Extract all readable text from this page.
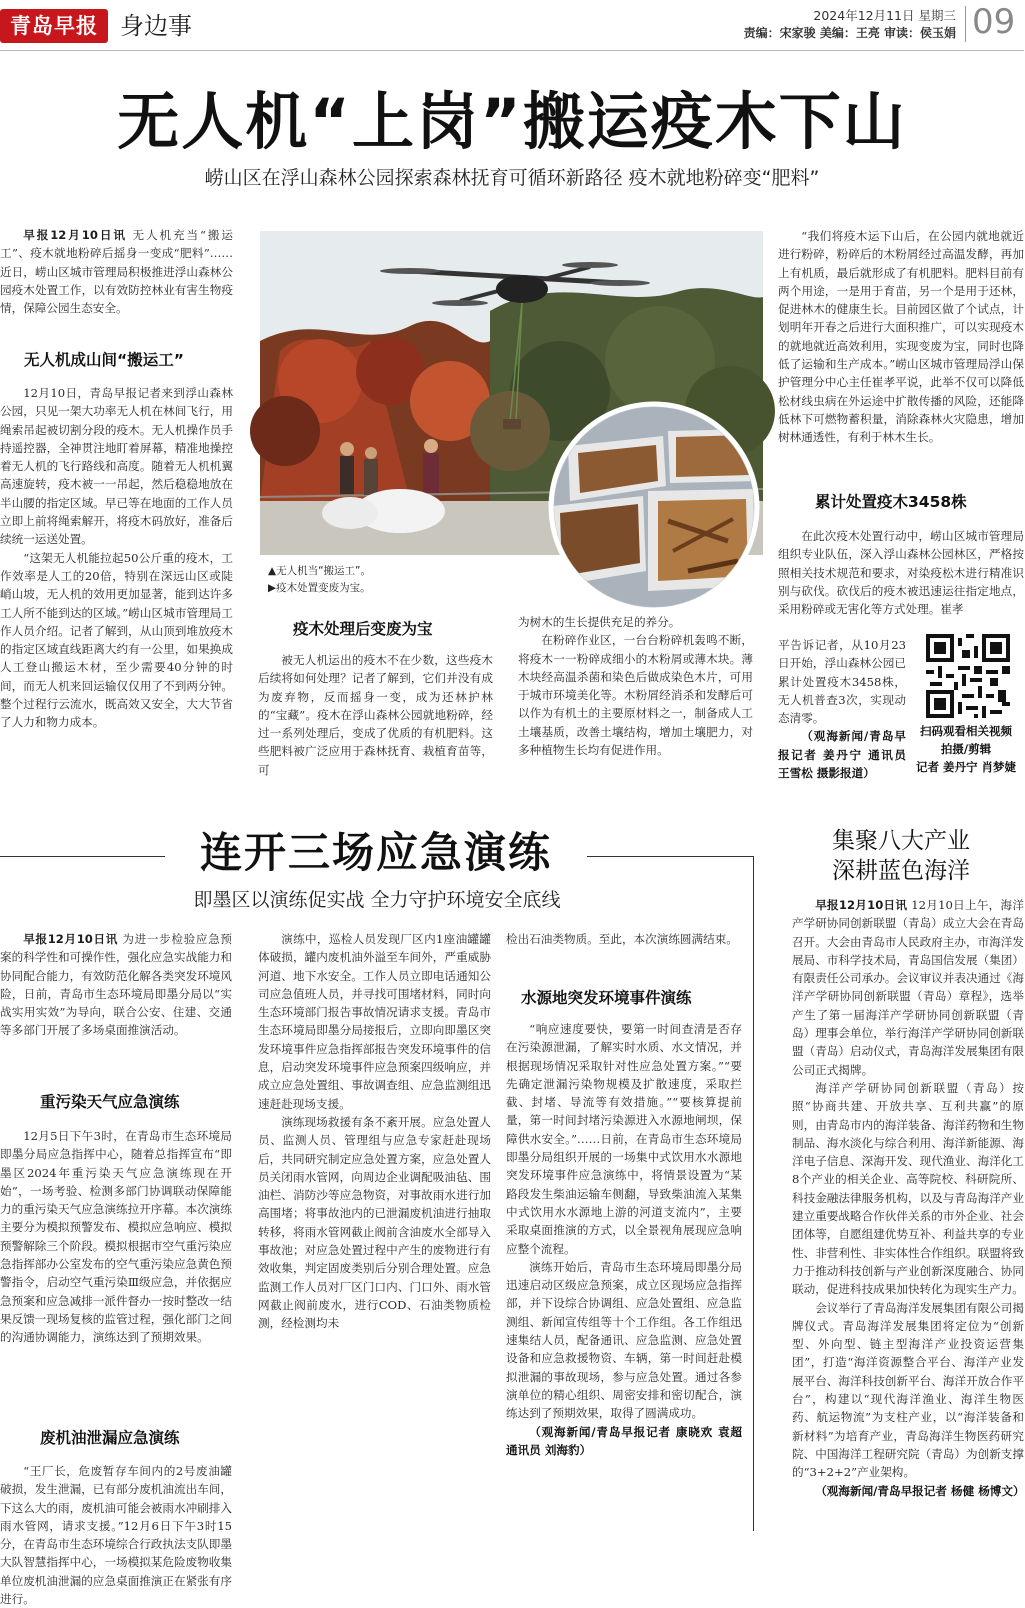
青岛早报 身边事	2024年12月11日 星期三
责编：宋家骏 美编：王亮 审读：侯玉娟 09
无人机“上岗”搬运疫木下山
崂山区在浮山森林公园探索森林抚育可循环新路径 疫木就地粉碎变“肥料”

早报12月10日讯 无人机充当“搬运工”、疫木就地粉碎后摇身一变成“肥料”……近日，崂山区城市管理局积极推进浮山森林公园疫木处置工作，以有效防控林业有害生物疫情，保障公园生态安全。

无人机成山间“搬运工”

12月10日，青岛早报记者来到浮山森林公园，只见一架大功率无人机在林间飞行，用绳索吊起被切割分段的疫木。无人机操作员手持遥控器，全神贯注地盯着屏幕，精准地操控着无人机的飞行路线和高度。随着无人机机翼高速旋转，疫木被一一吊起，然后稳稳地放在半山腰的指定区域。早已等在地面的工作人员立即上前将绳索解开，将疫木码放好，准备后续统一运送处置。

“这架无人机能拉起50公斤重的疫木，工作效率是人工的20倍，特别在深远山区或陡峭山坡，无人机的效用更加显著，能到达许多工人所不能到达的区域。”崂山区城市管理局工作人员介绍。记者了解到，从山顶到堆放疫木的指定区域直线距离大约有一公里，如果换成人工登山搬运木材，至少需要40分钟的时间，而无人机来回运输仅仅用了不到两分钟。整个过程行云流水，既高效又安全，大大节省了人力和物力成本。

▲无人机当“搬运工”。
▶疫木处置变废为宝。
疫木处理后变废为宝

被无人机运出的疫木不在少数，这些疫木后续将如何处理？记者了解到，它们并没有成为废弃物，反而摇身一变，成为还林护林的“宝藏”。疫木在浮山森林公园就地粉碎，经过一系列处理后，变成了优质的有机肥料。这些肥料被广泛应用于森林抚育、栽植育苗等，可

为树木的生长提供充足的养分。

在粉碎作业区，一台台粉碎机轰鸣不断，将疫木一一粉碎成细小的木粉屑或薄木块。薄木块经高温杀菌和染色后做成染色木片，可用于城市环境美化等。木粉屑经消杀和发酵后可以作为有机土的主要原材料之一，制备成人工土壤基质，改善土壤结构，增加土壤肥力，对多种植物生长均有促进作用。

“我们将疫木运下山后，在公园内就地就近进行粉碎，粉碎后的木粉屑经过高温发酵，再加上有机质，最后就形成了有机肥料。肥料目前有两个用途，一是用于育苗，另一个是用于还林，促进林木的健康生长。目前园区做了个试点，计划明年开春之后进行大面积推广，可以实现疫木的就地就近高效利用，实现变废为宝，同时也降低了运输和生产成本。”崂山区城市管理局浮山保护管理分中心主任崔孝平说，此举不仅可以降低松材线虫病在外运途中扩散传播的风险，还能降低林下可燃物蓄积量，消除森林火灾隐患，增加树林通透性，有利于林木生长。

累计处置疫木3458株

在此次疫木处置行动中，崂山区城市管理局组织专业队伍，深入浮山森林公园林区，严格按照相关技术规范和要求，对染疫松木进行精准识别与砍伐。砍伐后的疫木被迅速运往指定地点，采用粉碎或无害化等方式处理。崔孝

平告诉记者，从10月23日开始，浮山森林公园已累计处置疫木3458株，无人机普查3次，实现动态清零。

（观海新闻/青岛早报记者 姜丹宁 通讯员 王雪松 摄影报道）

扫码观看相关视频
拍摄/剪辑
记者 姜丹宁 肖梦婕
连开三场应急演练
即墨区以演练促实战 全力守护环境安全底线

早报12月10日讯 为进一步检验应急预案的科学性和可操作性，强化应急实战能力和协同配合能力，有效防范化解各类突发环境风险，日前，青岛市生态环境局即墨分局以“实战实用实效”为导向，联合公安、住建、交通等多部门开展了多场桌面推演活动。

重污染天气应急演练

12月5日下午3时，在青岛市生态环境局即墨分局应急指挥中心，随着总指挥宣布“即墨区2024年重污染天气应急演练现在开始”，一场考验、检测多部门协调联动保障能力的重污染天气应急演练拉开序幕。本次演练主要分为模拟预警发布、模拟应急响应、模拟预警解除三个阶段。模拟根据市空气重污染应急指挥部办公室发布的空气重污染应急黄色预警指令，启动空气重污染Ⅲ级应急，并依据应急预案和应急减排一派件督办一按时整改一结果反馈一现场复核的监管过程，强化部门之间的沟通协调能力，演练达到了预期效果。

废机油泄漏应急演练

“王厂长，危废暂存车间内的2号废油罐破损，发生泄漏，已有部分废机油流出车间，下这么大的雨，废机油可能会被雨水冲刷排入雨水管网，请求支援。”12月6日下午3时15分，在青岛市生态环境综合行政执法支队即墨大队智慧指挥中心，一场模拟某危险废物收集单位废机油泄漏的应急桌面推演正在紧张有序进行。

演练中，巡检人员发现厂区内1座油罐罐体破损，罐内废机油外溢至车间外，严重威胁河道、地下水安全。工作人员立即电话通知公司应急值班人员，并寻找可围堵材料，同时向生态环境部门报告事故情况请求支援。青岛市生态环境局即墨分局接报后，立即向即墨区突发环境事件应急指挥部报告突发环境事件的信息，启动突发环境事件应急预案四级响应，并成立应急处置组、事故调查组、应急监测组迅速赶赴现场支援。

演练现场救援有条不紊开展。应急处置人员、监测人员、管理组与应急专家赶赴现场后，共同研究制定应急处置方案，应急处置人员关闭雨水管网，向周边企业调配吸油毡、围油栏、消防沙等应急物资，对事故雨水进行加高围堵；将事故池内的已泄漏废机油进行抽取转移，将雨水管网截止阀前含油废水全部导入事故池；对应急处置过程中产生的废物进行有效收集，判定固废类别后分别合理处置。应急监测工作人员对厂区门口内、门口外、雨水管网截止阀前废水，进行COD、石油类物质检测，经检测均未

检出石油类物质。至此，本次演练圆满结束。

水源地突发环境事件演练

“响应速度要快，要第一时间查清是否存在污染源泄漏，了解实时水质、水文情况，并根据现场情况采取针对性应急处置方案。”“要先确定泄漏污染物规模及扩散速度，采取拦截、封堵、导流等有效措施。”“要核算提前量，第一时间封堵污染源进入水源地闸坝，保障供水安全。”……日前，在青岛市生态环境局即墨分局组织开展的一场集中式饮用水水源地突发环境事件应急演练中，将情景设置为“某路段发生柴油运输车侧翻，导致柴油流入某集中式饮用水水源地上游的河道支流内”，主要采取桌面推演的方式，以全景视角展现应急响应整个流程。

演练开始后，青岛市生态环境局即墨分局迅速启动区级应急预案，成立区现场应急指挥部，并下设综合协调组、应急处置组、应急监测组、新闻宣传组等十个工作组。各工作组迅速集结人员，配备通讯、应急监测、应急处置设备和应急救援物资、车辆，第一时间赶赴模拟泄漏的事故现场，参与应急处置。通过各参演单位的精心组织、周密安排和密切配合，演练达到了预期效果，取得了圆满成功。

（观海新闻/青岛早报记者 康晓欢 袁超 通讯员 刘海豹）

集聚八大产业
深耕蓝色海洋

早报12月10日讯 12月10日上午，海洋产学研协同创新联盟（青岛）成立大会在青岛召开。大会由青岛市人民政府主办，市海洋发展局、市科学技术局，青岛国信发展（集团）有限责任公司承办。会议审议并表决通过《海洋产学研协同创新联盟（青岛）章程》，选举产生了第一届海洋产学研协同创新联盟（青岛）理事会单位，举行海洋产学研协同创新联盟（青岛）启动仪式，青岛海洋发展集团有限公司正式揭牌。

海洋产学研协同创新联盟（青岛）按照“协商共建、开放共享、互利共赢”的原则，由青岛市内的海洋装备、海洋药物和生物制品、海水淡化与综合利用、海洋新能源、海洋电子信息、深海开发、现代渔业、海洋化工8个产业的相关企业、高等院校、科研院所、科技金融法律服务机构，以及与青岛海洋产业建立重要战略合作伙伴关系的市外企业、社会团体等，自愿组建优势互补、利益共享的专业性、非营利性、非实体性合作组织。联盟将致力于推动科技创新与产业创新深度融合、协同联动，促进科技成果加快转化为现实生产力。

会议举行了青岛海洋发展集团有限公司揭牌仪式。青岛海洋发展集团将定位为“创新型、外向型、链主型海洋产业投资运营集团”，打造“海洋资源整合平台、海洋产业发展平台、海洋科技创新平台、海洋开放合作平台”，构建以“现代海洋渔业、海洋生物医药、航运物流”为支柱产业，以“海洋装备和新材料”为培育产业，青岛海洋生物医药研究院、中国海洋工程研究院（青岛）为创新支撑的“3+2+2”产业架构。

（观海新闻/青岛早报记者 杨健 杨博文）
